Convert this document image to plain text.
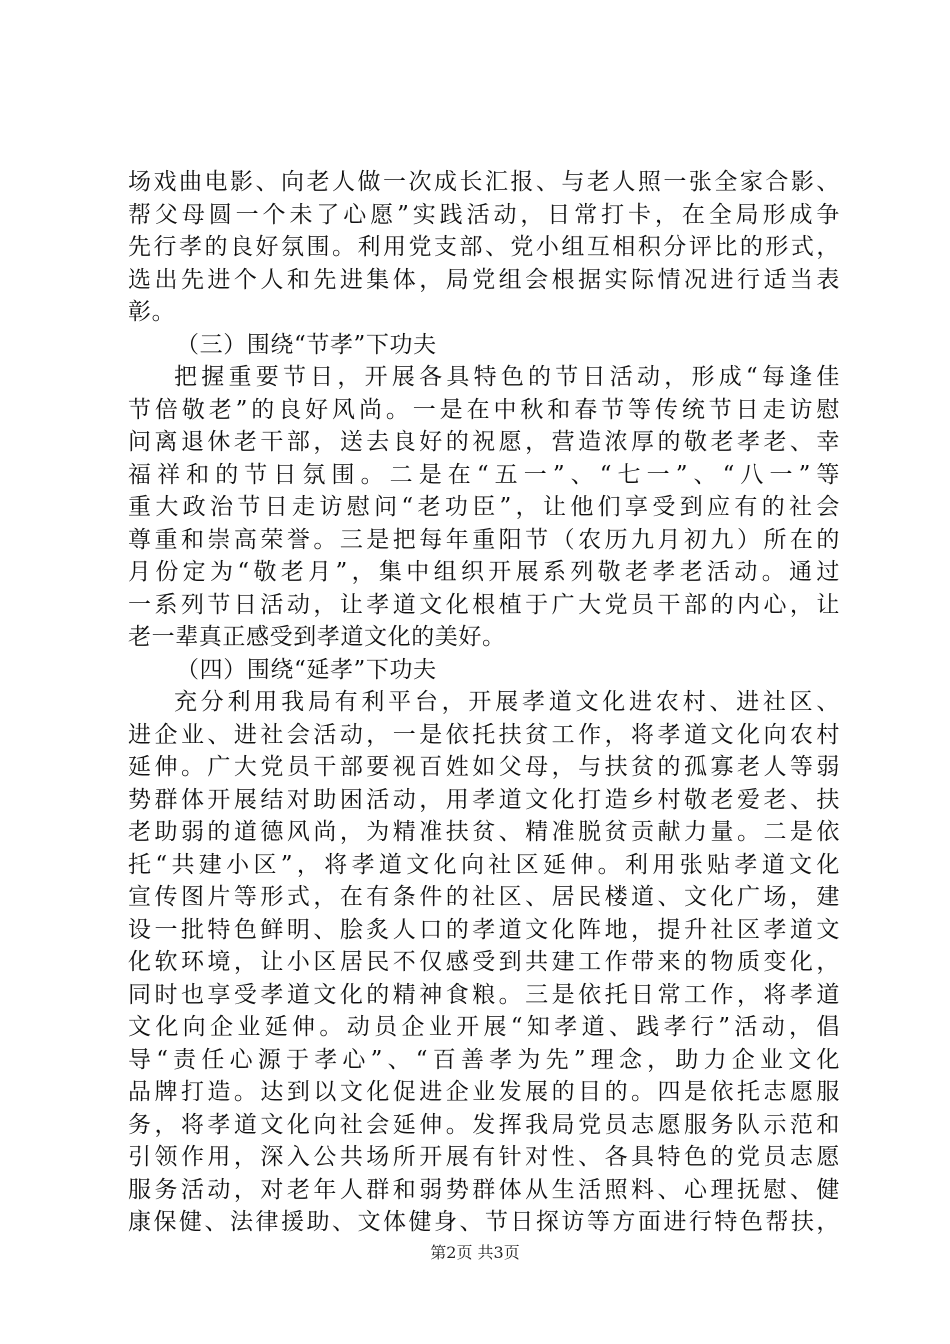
场戏曲电影、向老人做一次成长汇报、与老人照一张全家合影、
帮父母圆一个未了心愿”实践活动，日常打卡，在全局形成争
先行孝的良好氛围。利用党支部、党小组互相积分评比的形式，
选出先进个人和先进集体，局党组会根据实际情况进行适当表
彰。
（三）围绕“节孝”下功夫
把握重要节日，开展各具特色的节日活动，形成“每逢佳
节倍敬老”的良好风尚。一是在中秋和春节等传统节日走访慰
问离退休老干部，送去良好的祝愿，营造浓厚的敬老孝老、幸
福祥和的节日氛围。二是在“五一”、“七一”、“八一”等
重大政治节日走访慰问“老功臣”，让他们享受到应有的社会
尊重和崇高荣誉。三是把每年重阳节（农历九月初九）所在的
月份定为“敬老月”，集中组织开展系列敬老孝老活动。通过
一系列节日活动，让孝道文化根植于广大党员干部的内心，让
老一辈真正感受到孝道文化的美好。
（四）围绕“延孝”下功夫
充分利用我局有利平台，开展孝道文化进农村、进社区、
进企业、进社会活动，一是依托扶贫工作，将孝道文化向农村
延伸。广大党员干部要视百姓如父母，与扶贫的孤寡老人等弱
势群体开展结对助困活动，用孝道文化打造乡村敬老爱老、扶
老助弱的道德风尚，为精准扶贫、精准脱贫贡献力量。二是依
托“共建小区”，将孝道文化向社区延伸。利用张贴孝道文化
宣传图片等形式，在有条件的社区、居民楼道、文化广场，建
设一批特色鲜明、脍炙人口的孝道文化阵地，提升社区孝道文
化软环境，让小区居民不仅感受到共建工作带来的物质变化，
同时也享受孝道文化的精神食粮。三是依托日常工作，将孝道
文化向企业延伸。动员企业开展“知孝道、践孝行”活动，倡
导“责任心源于孝心”、“百善孝为先”理念，助力企业文化
品牌打造。达到以文化促进企业发展的目的。四是依托志愿服
务，将孝道文化向社会延伸。发挥我局党员志愿服务队示范和
引领作用，深入公共场所开展有针对性、各具特色的党员志愿
服务活动，对老年人群和弱势群体从生活照料、心理抚慰、健
康保健、法律援助、文体健身、节日探访等方面进行特色帮扶，
第2页 共3页
